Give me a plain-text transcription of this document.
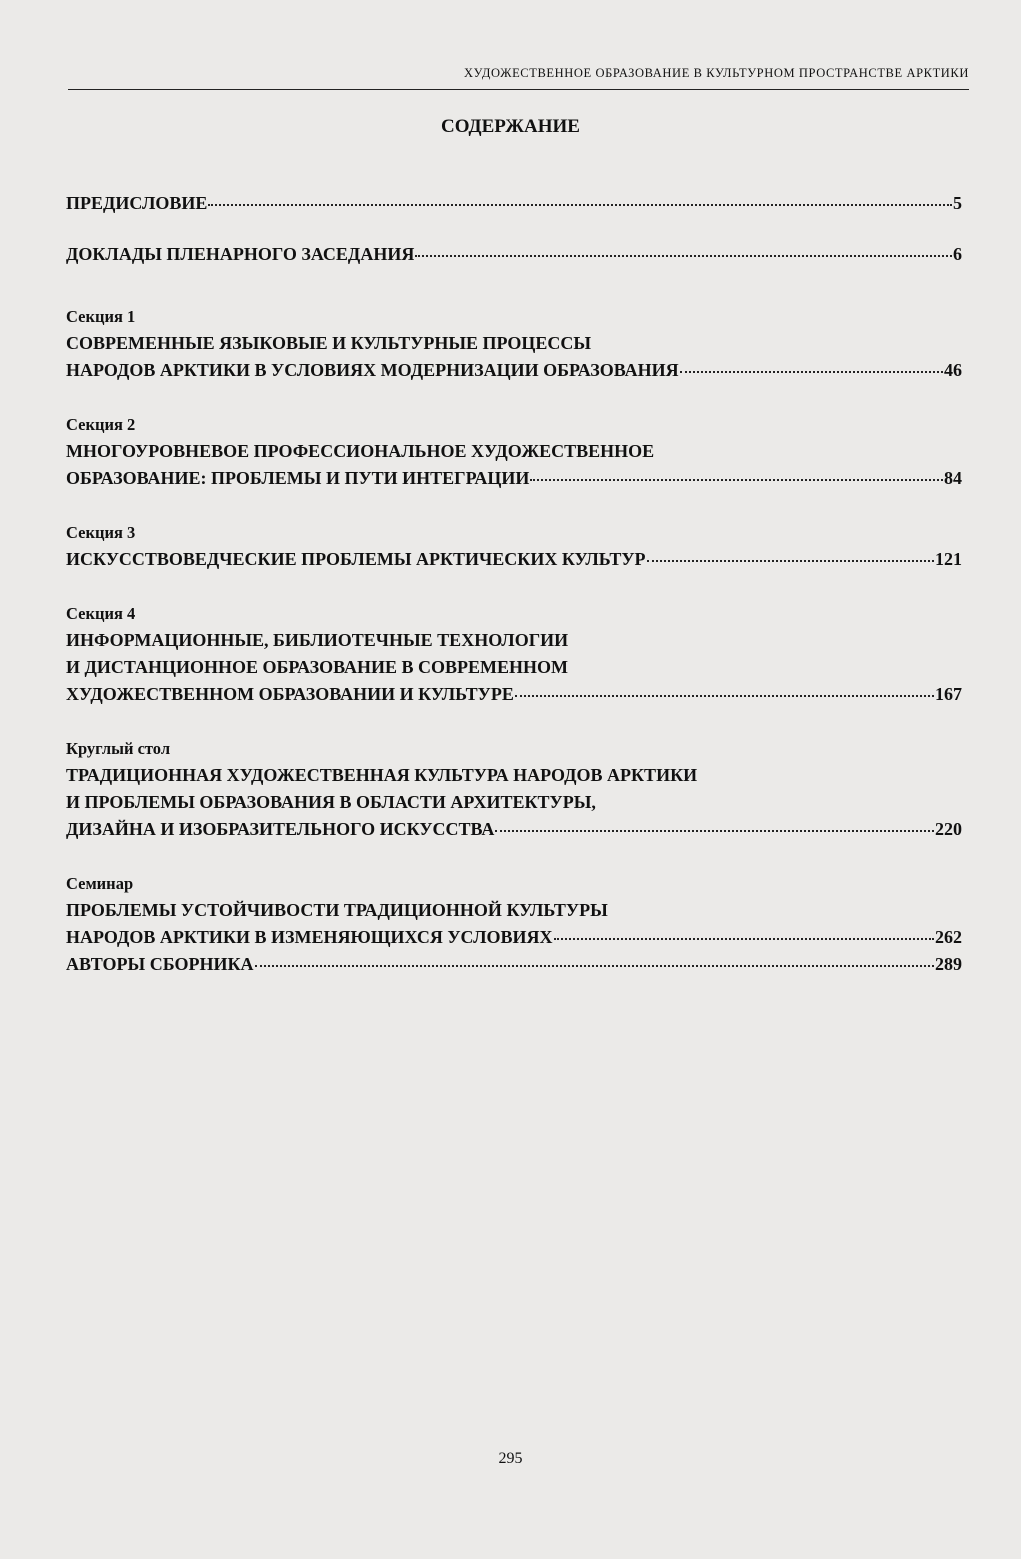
ХУДОЖЕСТВЕННОЕ ОБРАЗОВАНИЕ В КУЛЬТУРНОМ ПРОСТРАНСТВЕ АРКТИКИ
СОДЕРЖАНИЕ
ПРЕДИСЛОВИЕ	5
ДОКЛАДЫ ПЛЕНАРНОГО ЗАСЕДАНИЯ	6
Секция 1
СОВРЕМЕННЫЕ ЯЗЫКОВЫЕ И КУЛЬТУРНЫЕ ПРОЦЕССЫ
НАРОДОВ АРКТИКИ В УСЛОВИЯХ МОДЕРНИЗАЦИИ ОБРАЗОВАНИЯ	46
Секция 2
МНОГОУРОВНЕВОЕ ПРОФЕССИОНАЛЬНОЕ ХУДОЖЕСТВЕННОЕ
ОБРАЗОВАНИЕ: ПРОБЛЕМЫ И ПУТИ ИНТЕГРАЦИИ	84
Секция 3
ИСКУССТВОВЕДЧЕСКИЕ ПРОБЛЕМЫ АРКТИЧЕСКИХ КУЛЬТУР	121
Секция 4
ИНФОРМАЦИОННЫЕ, БИБЛИОТЕЧНЫЕ ТЕХНОЛОГИИ
И ДИСТАНЦИОННОЕ ОБРАЗОВАНИЕ В СОВРЕМЕННОМ
ХУДОЖЕСТВЕННОМ ОБРАЗОВАНИИ И КУЛЬТУРЕ	167
Круглый стол
ТРАДИЦИОННАЯ ХУДОЖЕСТВЕННАЯ КУЛЬТУРА НАРОДОВ АРКТИКИ
И ПРОБЛЕМЫ ОБРАЗОВАНИЯ В ОБЛАСТИ АРХИТЕКТУРЫ,
ДИЗАЙНА И ИЗОБРАЗИТЕЛЬНОГО ИСКУССТВА	220
Семинар
ПРОБЛЕМЫ УСТОЙЧИВОСТИ ТРАДИЦИОННОЙ КУЛЬТУРЫ
НАРОДОВ АРКТИКИ В ИЗМЕНЯЮЩИХСЯ УСЛОВИЯХ	262
АВТОРЫ СБОРНИКА	289
295
